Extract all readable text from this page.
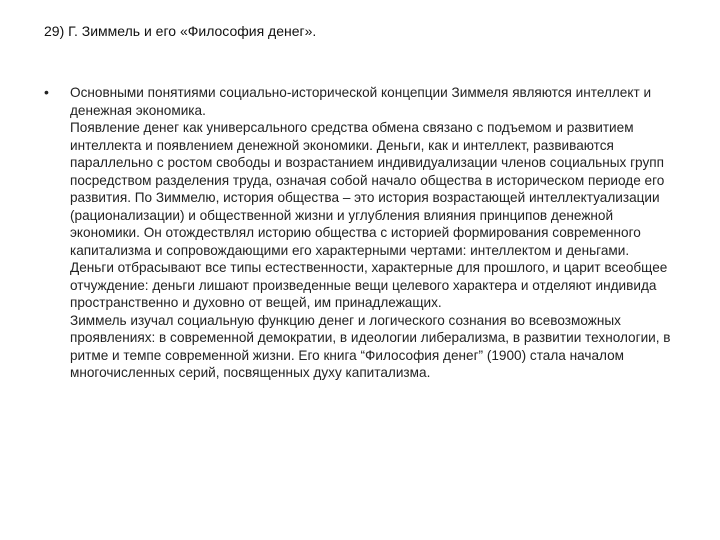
29) Г. Зиммель и его «Философия денег».
• Основными понятиями социально-исторической концепции Зиммеля являются интеллект и денежная экономика.
Появление денег как универсального средства обмена связано с подъемом и развитием интеллекта и появлением денежной экономики. Деньги, как и интеллект, развиваются параллельно с ростом свободы и возрастанием индивидуализации членов социальных групп посредством разделения труда, означая собой начало общества в историческом периоде его развития. По Зиммелю, история общества – это история возрастающей интеллектуализации (рационализации) и общественной жизни и углубления влияния принципов денежной экономики. Он отождествлял историю общества с историей формирования современного капитализма и сопровождающими его характерными чертами: интеллектом и деньгами.
Деньги отбрасывают все типы естественности, характерные для прошлого, и царит всеобщее отчуждение: деньги лишают произведенные вещи целевого характера и отделяют индивида пространственно и духовно от вещей, им принадлежащих.
Зиммель изучал социальную функцию денег и логического сознания во всевозможных проявлениях: в современной демократии, в идеологии либерализма, в развитии технологии, в ритме и темпе современной жизни. Его книга “Философия денег” (1900) стала началом многочисленных серий, посвященных духу капитализма.
